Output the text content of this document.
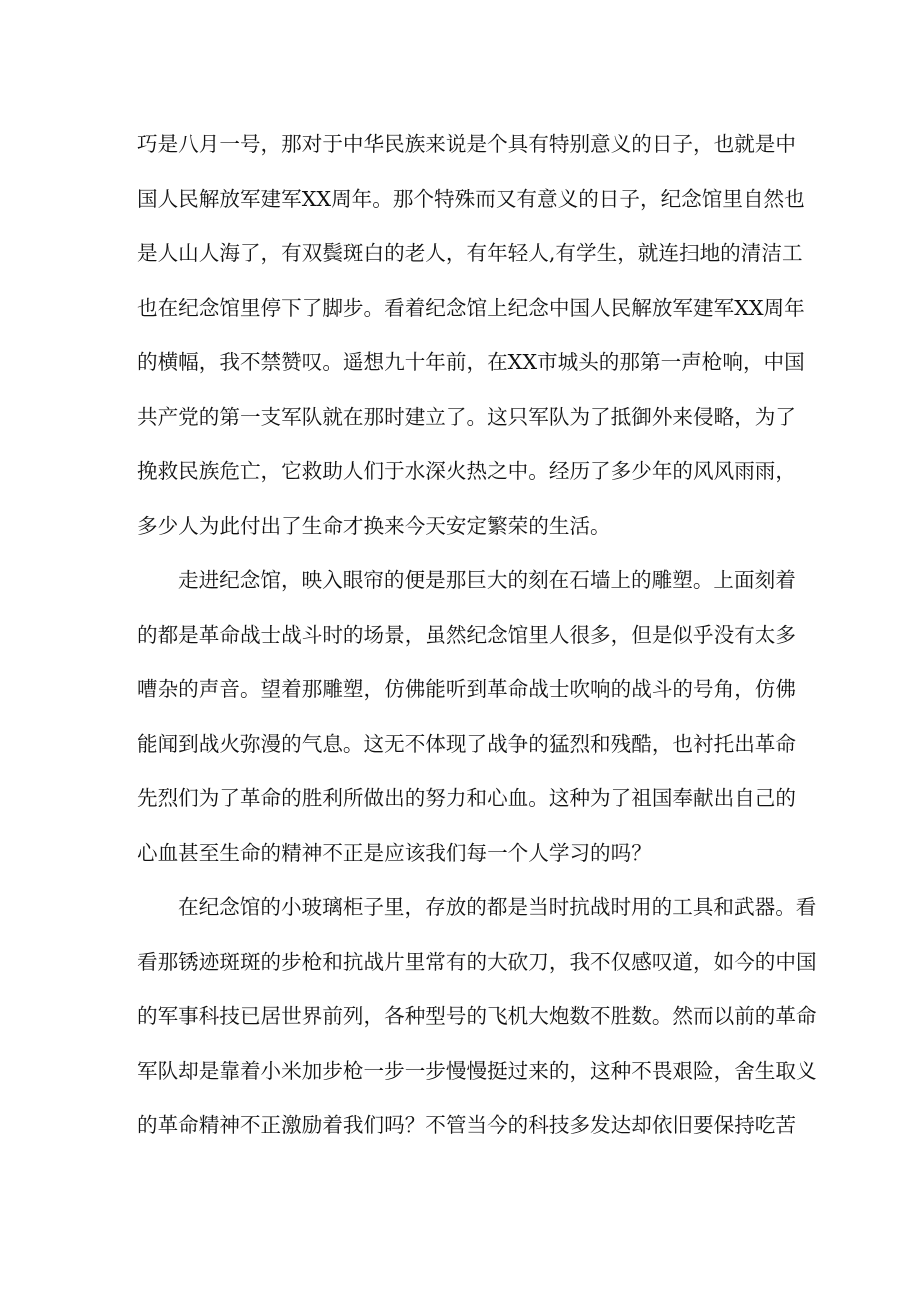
巧是八月一号，那对于中华民族来说是个具有特别意义的日子，也就是中
国人民解放军建军XX周年。那个特殊而又有意义的日子，纪念馆里自然也
是人山人海了，有双鬓斑白的老人，有年轻人,有学生，就连扫地的清洁工
也在纪念馆里停下了脚步。看着纪念馆上纪念中国人民解放军建军XX周年
的横幅，我不禁赞叹。遥想九十年前，在XX市城头的那第一声枪响，中国
共产党的第一支军队就在那时建立了。这只军队为了抵御外来侵略，为了
挽救民族危亡，它救助人们于水深火热之中。经历了多少年的风风雨雨，
多少人为此付出了生命才换来今天安定繁荣的生活。
走进纪念馆，映入眼帘的便是那巨大的刻在石墙上的雕塑。上面刻着
的都是革命战士战斗时的场景，虽然纪念馆里人很多，但是似乎没有太多
嘈杂的声音。望着那雕塑，仿佛能听到革命战士吹响的战斗的号角，仿佛
能闻到战火弥漫的气息。这无不体现了战争的猛烈和残酷，也衬托出革命
先烈们为了革命的胜利所做出的努力和心血。这种为了祖国奉献出自己的
心血甚至生命的精神不正是应该我们每一个人学习的吗？
在纪念馆的小玻璃柜子里，存放的都是当时抗战时用的工具和武器。看
看那锈迹斑斑的步枪和抗战片里常有的大砍刀，我不仅感叹道，如今的中国
的军事科技已居世界前列，各种型号的飞机大炮数不胜数。然而以前的革命
军队却是靠着小米加步枪一步一步慢慢挺过来的，这种不畏艰险，舍生取义
的革命精神不正激励着我们吗？不管当今的科技多发达却依旧要保持吃苦
